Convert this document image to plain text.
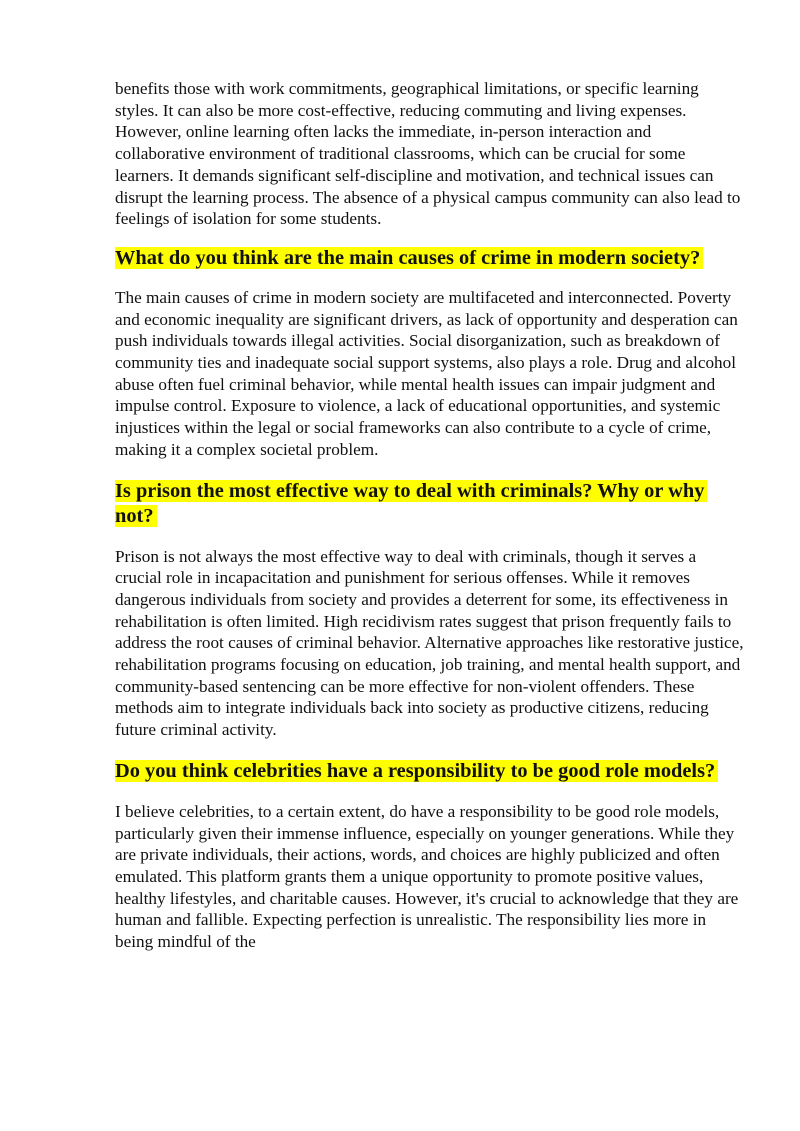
benefits those with work commitments, geographical limitations, or specific learning styles. It can also be more cost-effective, reducing commuting and living expenses. However, online learning often lacks the immediate, in-person interaction and collaborative environment of traditional classrooms, which can be crucial for some learners. It demands significant self-discipline and motivation, and technical issues can disrupt the learning process. The absence of a physical campus community can also lead to feelings of isolation for some students.

What do you think are the main causes of crime in modern society?

The main causes of crime in modern society are multifaceted and interconnected. Poverty and economic inequality are significant drivers, as lack of opportunity and desperation can push individuals towards illegal activities. Social disorganization, such as breakdown of community ties and inadequate social support systems, also plays a role. Drug and alcohol abuse often fuel criminal behavior, while mental health issues can impair judgment and impulse control. Exposure to violence, a lack of educational opportunities, and systemic injustices within the legal or social frameworks can also contribute to a cycle of crime, making it a complex societal problem.

Is prison the most effective way to deal with criminals? Why or why not?

Prison is not always the most effective way to deal with criminals, though it serves a crucial role in incapacitation and punishment for serious offenses. While it removes dangerous individuals from society and provides a deterrent for some, its effectiveness in rehabilitation is often limited. High recidivism rates suggest that prison frequently fails to address the root causes of criminal behavior. Alternative approaches like restorative justice, rehabilitation programs focusing on education, job training, and mental health support, and community-based sentencing can be more effective for non-violent offenders. These methods aim to integrate individuals back into society as productive citizens, reducing future criminal activity.

Do you think celebrities have a responsibility to be good role models?

I believe celebrities, to a certain extent, do have a responsibility to be good role models, particularly given their immense influence, especially on younger generations. While they are private individuals, their actions, words, and choices are highly publicized and often emulated. This platform grants them a unique opportunity to promote positive values, healthy lifestyles, and charitable causes. However, it's crucial to acknowledge that they are human and fallible. Expecting perfection is unrealistic. The responsibility lies more in being mindful of the
